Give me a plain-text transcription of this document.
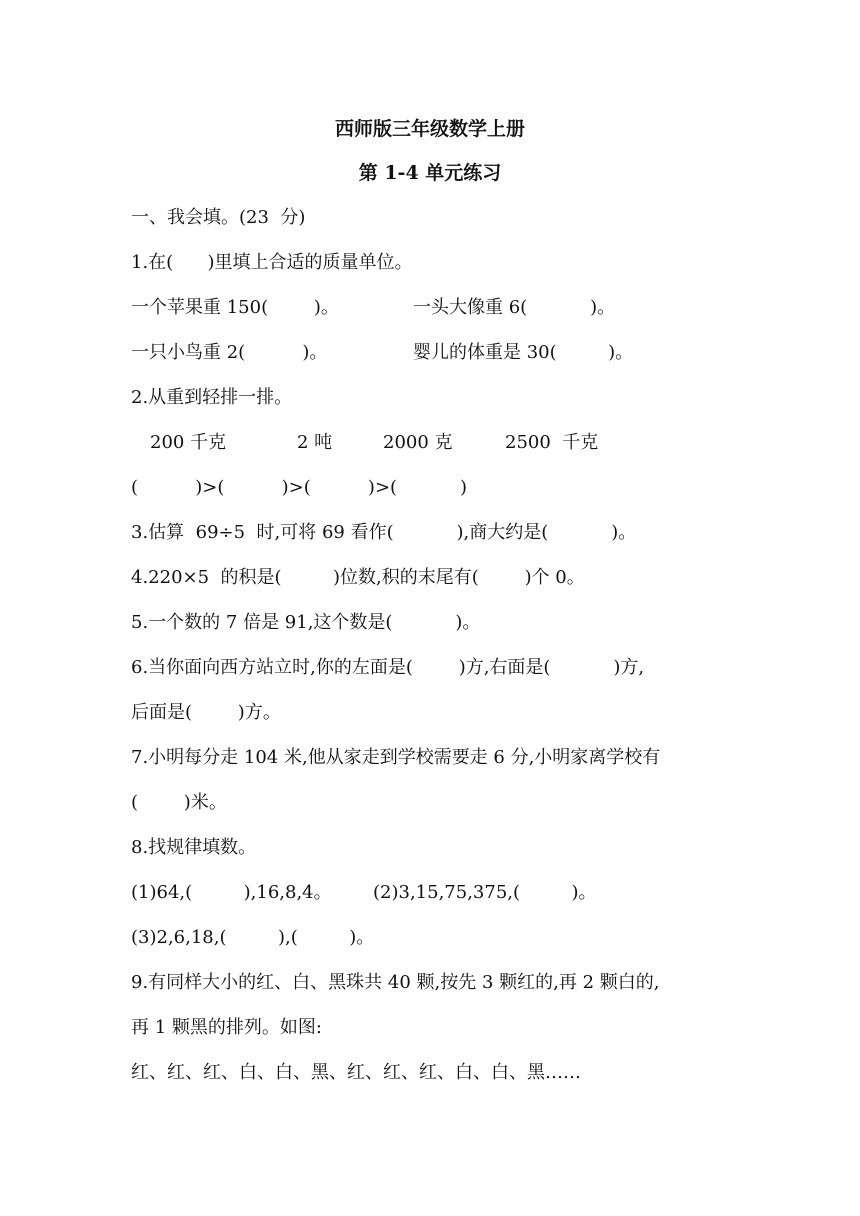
西师版三年级数学上册
第 1-4 单元练习
一、我会填。(23  分)
1.在(      )里填上合适的质量单位。
一个苹果重 150(        )。	一头大像重 6(           )。
一只小鸟重 2(          )。	婴儿的体重是 30(         )。
2.从重到轻排一排。
200 千克	2 吨	2000 克	2500  千克
(          )>(          )>(          )>(           )
3.估算  69÷5  时,可将 69 看作(           ),商大约是(           )。
4.220×5  的积是(         )位数,积的末尾有(        )个 0。
5.一个数的 7 倍是 91,这个数是(           )。
6.当你面向西方站立时,你的左面是(        )方,右面是(           )方,
后面是(        )方。
7.小明每分走 104 米,他从家走到学校需要走 6 分,小明家离学校有
(        )米。
8.找规律填数。
(1)64,(         ),16,8,4。 (2)3,15,75,375,(         )。
(3)2,6,18,(         ),(         )。
9.有同样大小的红、白、黑珠共 40 颗,按先 3 颗红的,再 2 颗白的,
再 1 颗黑的排列。如图:
红、红、红、白、白、黑、红、红、红、白、白、黑……
